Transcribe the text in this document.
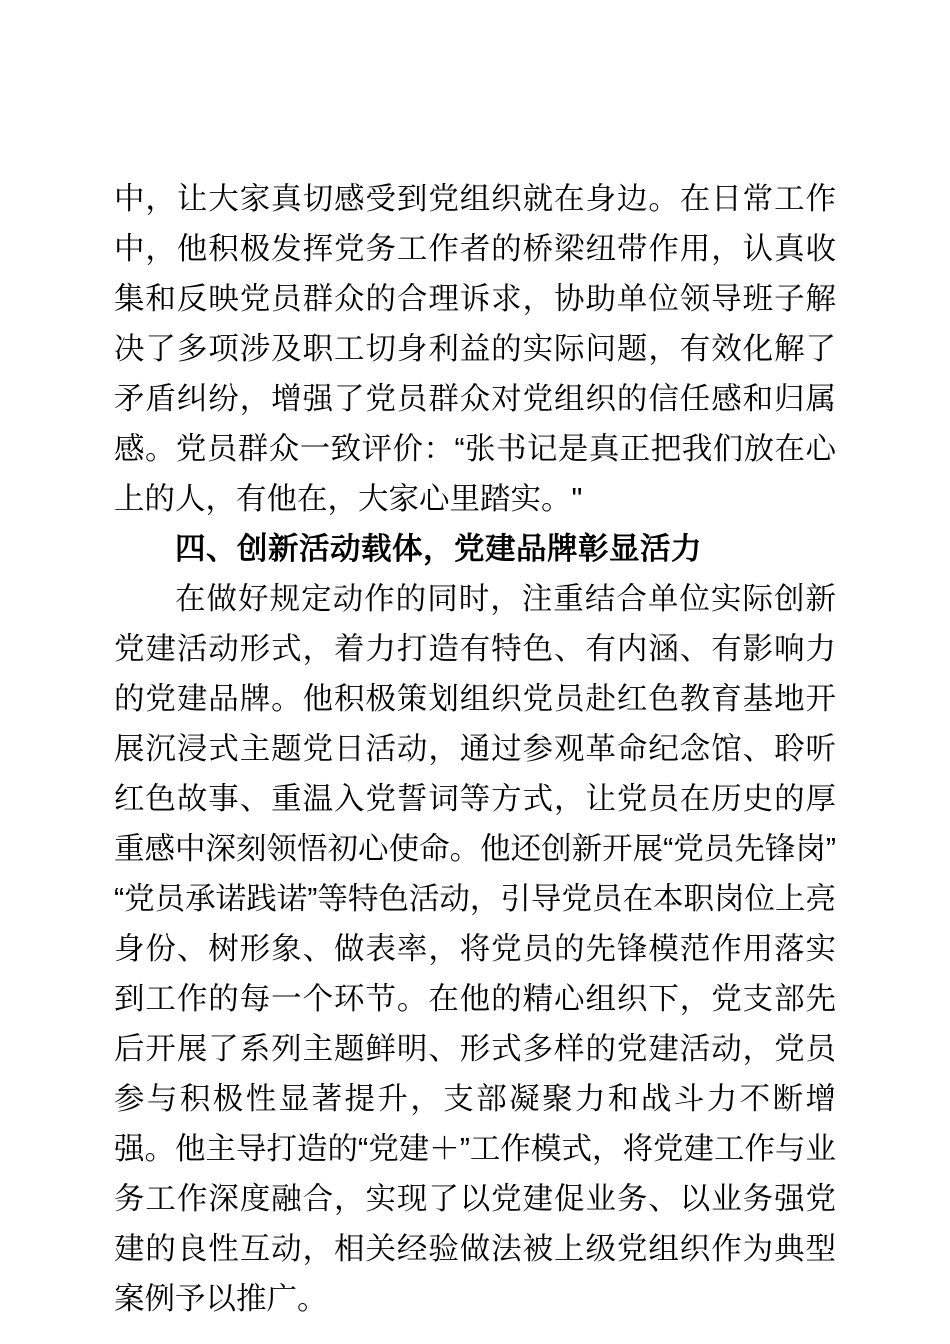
中，让大家真切感受到党组织就在身边。在日常工作中，他积极发挥党务工作者的桥梁纽带作用，认真收集和反映党员群众的合理诉求，协助单位领导班子解决了多项涉及职工切身利益的实际问题，有效化解了矛盾纠纷，增强了党员群众对党组织的信任感和归属感。党员群众一致评价：“张书记是真正把我们放在心上的人，有他在，大家心里踏实。"

四、创新活动载体，党建品牌彰显活力

在做好规定动作的同时，注重结合单位实际创新党建活动形式，着力打造有特色、有内涵、有影响力的党建品牌。他积极策划组织党员赴红色教育基地开展沉浸式主题党日活动，通过参观革命纪念馆、聆听红色故事、重温入党誓词等方式，让党员在历史的厚重感中深刻领悟初心使命。他还创新开展“党员先锋岗”“党员承诺践诺”等特色活动，引导党员在本职岗位上亮身份、树形象、做表率，将党员的先锋模范作用落实到工作的每一个环节。在他的精心组织下，党支部先后开展了系列主题鲜明、形式多样的党建活动，党员参与积极性显著提升，支部凝聚力和战斗力不断增强。他主导打造的“党建＋”工作模式，将党建工作与业务工作深度融合，实现了以党建促业务、以业务强党建的良性互动，相关经验做法被上级党组织作为典型案例予以推广。
